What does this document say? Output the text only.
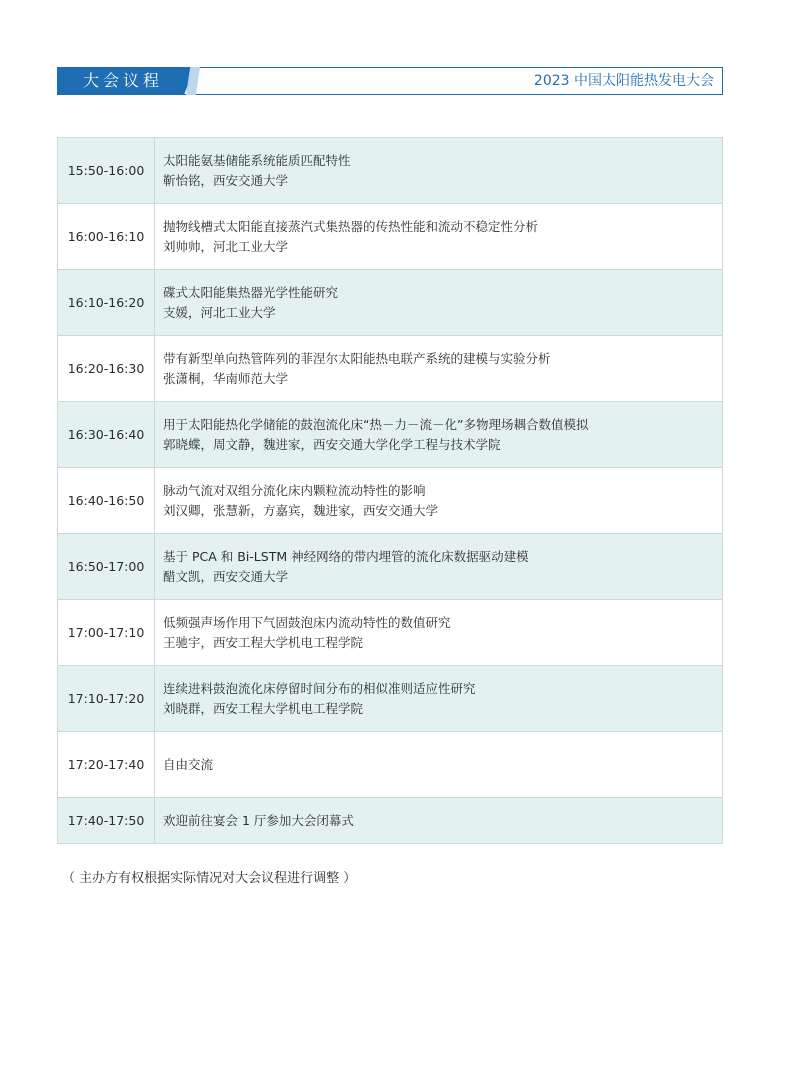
大会议程	2023 中国太阳能热发电大会
15:50-16:00	太阳能氨基储能系统能质匹配特性
靳怡铭，西安交通大学

16:00-16:10	抛物线槽式太阳能直接蒸汽式集热器的传热性能和流动不稳定性分析
刘帅帅，河北工业大学

16:10-16:20	碟式太阳能集热器光学性能研究
支媛，河北工业大学

16:20-16:30	带有新型单向热管阵列的菲涅尔太阳能热电联产系统的建模与实验分析
张潇桐，华南师范大学

16:30-16:40	用于太阳能热化学储能的鼓泡流化床“热－力－流－化”多物理场耦合数值模拟
郭晓蝶，周文静，魏进家，西安交通大学化学工程与技术学院

16:40-16:50	脉动气流对双组分流化床内颗粒流动特性的影响
刘汉卿，张慧新，方嘉宾，魏进家，西安交通大学

16:50-17:00	基于 PCA 和 Bi-LSTM 神经网络的带内埋管的流化床数据驱动建模
醋文凯，西安交通大学

17:00-17:10	低频强声场作用下气固鼓泡床内流动特性的数值研究
王驰宇，西安工程大学机电工程学院

17:10-17:20	连续进料鼓泡流化床停留时间分布的相似准则适应性研究
刘晓群，西安工程大学机电工程学院

17:20-17:40	自由交流

17:40-17:50	欢迎前往宴会 1 厅参加大会闭幕式
（ 主办方有权根据实际情况对大会议程进行调整 ）
